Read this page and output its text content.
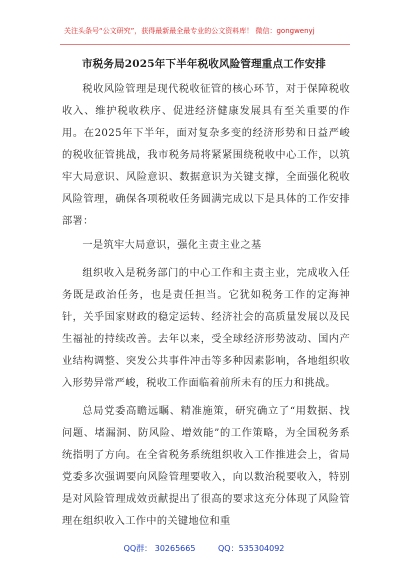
关注头条号“公文研究”，获得最新最全最专业的公文资料库！ 微信：gongwenyj
市税务局2025年下半年税收风险管理重点工作安排

税收风险管理是现代税收征管的核心环节，对于保障税收收入、维护税收秩序、促进经济健康发展具有至关重要的作用。在2025年下半年，面对复杂多变的经济形势和日益严峻的税收征管挑战，我市税务局将紧紧围绕税收中心工作，以筑牢大局意识、风险意识、数据意识为关键支撑，全面强化税收风险管理，确保各项税收任务圆满完成以下是具体的工作安排部署：

一是筑牢大局意识，强化主责主业之基

组织收入是税务部门的中心工作和主责主业，完成收入任务既是政治任务，也是责任担当。它犹如税务工作的定海神针，关乎国家财政的稳定运转、经济社会的高质量发展以及民生福祉的持续改善。去年以来，受全球经济形势波动、国内产业结构调整、突发公共事件冲击等多种因素影响，各地组织收入形势异常严峻，税收工作面临着前所未有的压力和挑战。

总局党委高瞻远瞩、精准施策，研究确立了“用数据、找问题、堵漏洞、防风险、增效能”的工作策略，为全国税务系统指明了方向。在全省税务系统组织收入工作推进会上，省局党委多次强调要向风险管理要收入，向以数治税要收入，特别是对风险管理成效贡献提出了很高的要求这充分体现了风险管理在组织收入工作中的关键地位和重

QQ群： 30265665	QQ：535304092
